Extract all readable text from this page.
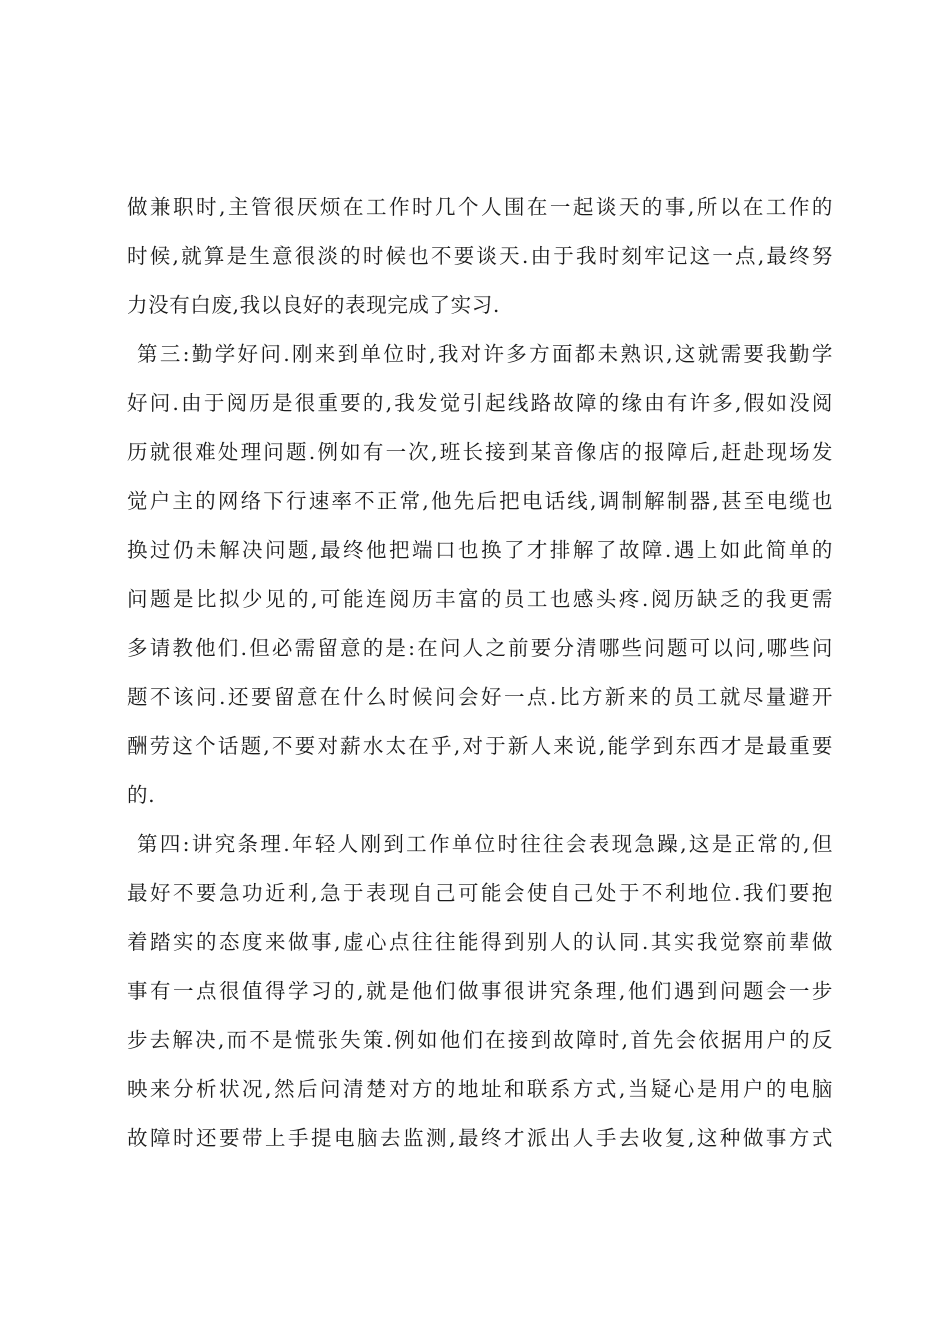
做兼职时,主管很厌烦在工作时几个人围在一起谈天的事,所以在工作的
时候,就算是生意很淡的时候也不要谈天.由于我时刻牢记这一点,最终努
力没有白废,我以良好的表现完成了实习.
第三:勤学好问.刚来到单位时,我对许多方面都未熟识,这就需要我勤学
好问.由于阅历是很重要的,我发觉引起线路故障的缘由有许多,假如没阅
历就很难处理问题.例如有一次,班长接到某音像店的报障后,赶赴现场发
觉户主的网络下行速率不正常,他先后把电话线,调制解制器,甚至电缆也
换过仍未解决问题,最终他把端口也换了才排解了故障.遇上如此简单的
问题是比拟少见的,可能连阅历丰富的员工也感头疼.阅历缺乏的我更需
多请教他们.但必需留意的是:在问人之前要分清哪些问题可以问,哪些问
题不该问.还要留意在什么时候问会好一点.比方新来的员工就尽量避开
酬劳这个话题,不要对薪水太在乎,对于新人来说,能学到东西才是最重要
的.
第四:讲究条理.年轻人刚到工作单位时往往会表现急躁,这是正常的,但
最好不要急功近利,急于表现自己可能会使自己处于不利地位.我们要抱
着踏实的态度来做事,虚心点往往能得到别人的认同.其实我觉察前辈做
事有一点很值得学习的,就是他们做事很讲究条理,他们遇到问题会一步
步去解决,而不是慌张失策.例如他们在接到故障时,首先会依据用户的反
映来分析状况,然后问清楚对方的地址和联系方式,当疑心是用户的电脑
故障时还要带上手提电脑去监测,最终才派出人手去收复,这种做事方式
